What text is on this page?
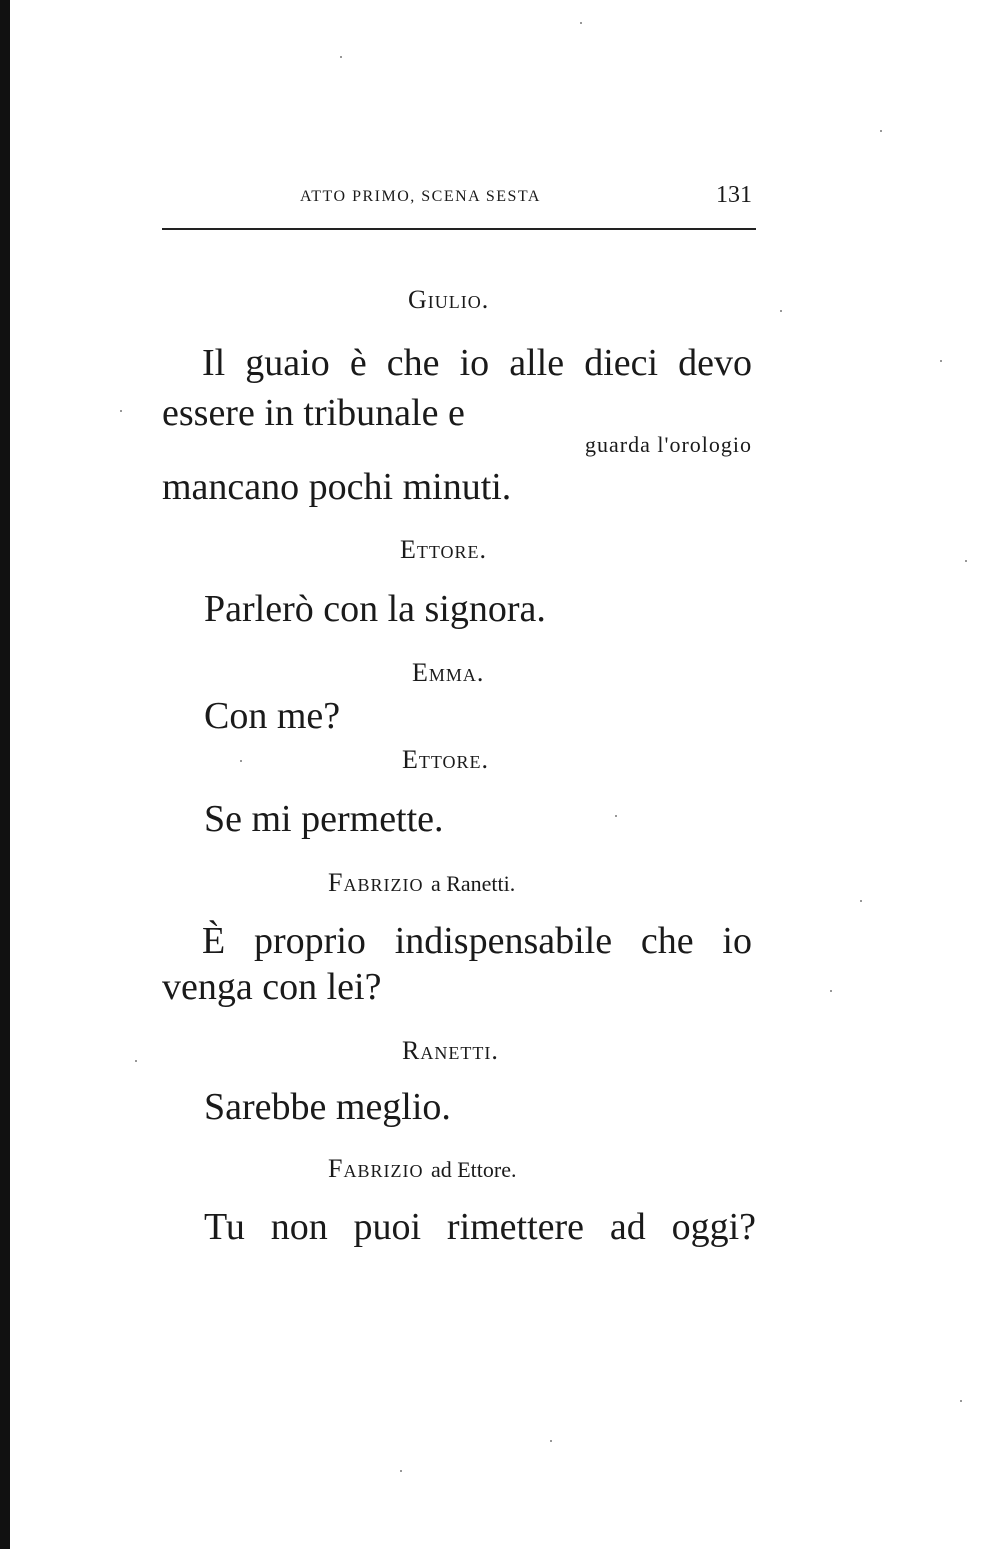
ATTO PRIMO, SCENA SESTA	131
Giulio.
Il guaio è che io alle dieci devo
essere in tribunale e
guarda l'orologio
mancano pochi minuti.
Ettore.
Parlerò con la signora.
Emma.
Con me?
Ettore.
Se mi permette.
Fabrizio a Ranetti.
È proprio indispensabile che io
venga con lei?
Ranetti.
Sarebbe meglio.
Fabrizio ad Ettore.
Tu non puoi rimettere ad oggi?
